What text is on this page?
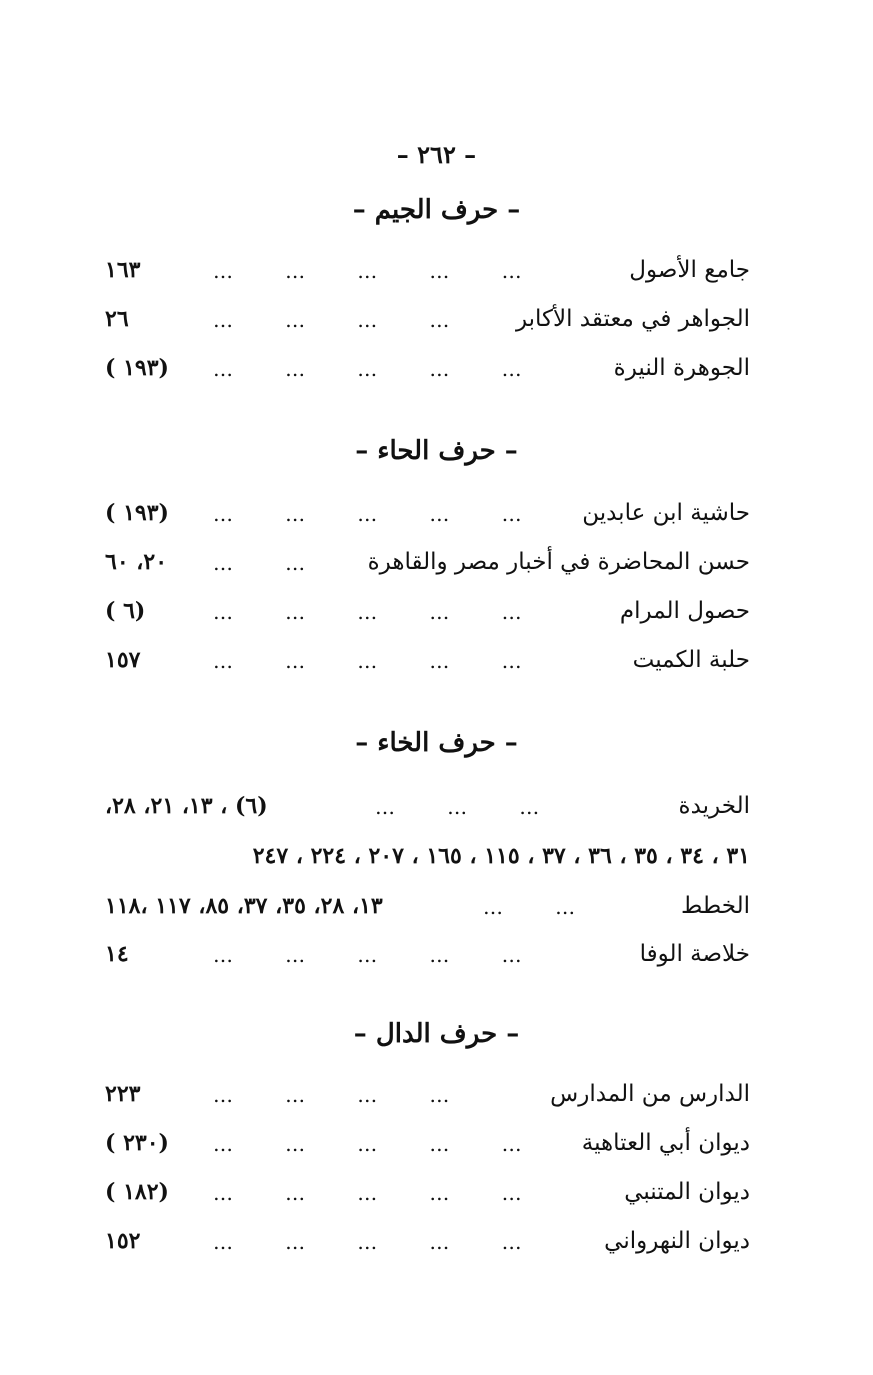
– ٢٦٢ –
– حرف الجيم –
جامع الأصول
…      …      …      …      …
١٦٣
الجواهر في معتقد الأكابر
…      …      …      …
٢٦
الجوهرة النيرة
…      …      …      …      …
(١٩٣ )
– حرف الحاء –
حاشية ابن عابدين
…      …      …      …      …
(١٩٣ )
حسن المحاضرة في أخبار مصر والقاهرة
…      …
٢٠، ٦٠
حصول المرام
…      …      …      …      …
(٦ )
حلبة الكميت
…      …      …      …      …
١٥٧
– حرف الخاء –
الخريدة
…      …      …
(٦) ، ١٣، ٢١، ٢٨،
٣١ ، ٣٤ ، ٣٥ ، ٣٦ ، ٣٧ ، ١١٥ ، ١٦٥ ، ٢٠٧ ، ٢٢٤ ، ٢٤٧
الخطط
…      …
١٣، ٢٨، ٣٥، ٣٧، ٨٥، ١١٧ ،١١٨
خلاصة الوفا
…      …      …      …      …
١٤
– حرف الدال –
الدارس من المدارس
…      …      …      …
٢٢٣
ديوان أبي العتاهية
…      …      …      …      …
(٢٣٠ )
ديوان المتنبي
…      …      …      …      …
(١٨٢ )
ديوان النهرواني
…      …      …      …      …
١٥٢
